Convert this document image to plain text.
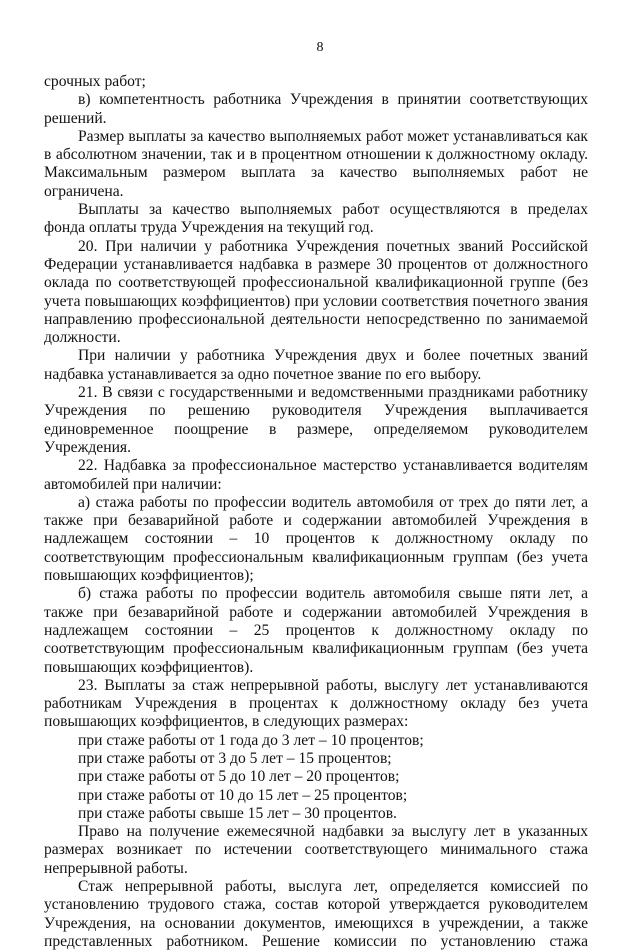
8

срочных работ;

в) компетентность работника Учреждения в принятии соответствующих решений.

Размер выплаты за качество выполняемых работ может устанавливаться как в абсолютном значении, так и в процентном отношении к должностному окладу. Максимальным размером выплата за качество выполняемых работ не ограничена.

Выплаты за качество выполняемых работ осуществляются в пределах фонда оплаты труда Учреждения на текущий год.

20. При наличии у работника Учреждения почетных званий Российской Федерации устанавливается надбавка в размере 30 процентов от должностного оклада по соответствующей профессиональной квалификационной группе (без учета повышающих коэффициентов) при условии соответствия почетного звания направлению профессиональной деятельности непосредственно по занимаемой должности.

При наличии у работника Учреждения двух и более почетных званий надбавка устанавливается за одно почетное звание по его выбору.

21. В связи с государственными и ведомственными праздниками работнику Учреждения по решению руководителя Учреждения выплачивается единовременное поощрение в размере, определяемом руководителем Учреждения.

22. Надбавка за профессиональное мастерство устанавливается водителям автомобилей при наличии:

а) стажа работы по профессии водитель автомобиля от трех до пяти лет, а также при безаварийной работе и содержании автомобилей Учреждения в надлежащем состоянии – 10 процентов к должностному окладу по соответствующим профессиональным квалификационным группам (без учета повышающих коэффициентов);

б) стажа работы по профессии водитель автомобиля свыше пяти лет, а также при безаварийной работе и содержании автомобилей Учреждения в надлежащем состоянии – 25 процентов к должностному окладу по соответствующим профессиональным квалификационным группам (без учета повышающих коэффициентов).

23. Выплаты за стаж непрерывной работы, выслугу лет устанавливаются работникам Учреждения в процентах к должностному окладу без учета повышающих коэффициентов, в следующих размерах:

при стаже работы от 1 года до 3 лет – 10 процентов;

при стаже работы от 3 до 5 лет – 15 процентов;

при стаже работы от 5 до 10 лет – 20 процентов;

при стаже работы от 10 до 15 лет – 25 процентов;

при стаже работы свыше 15 лет – 30 процентов.

Право на получение ежемесячной надбавки за выслугу лет в указанных размерах возникает по истечении соответствующего минимального стажа непрерывной работы.

Стаж непрерывной работы, выслуга лет, определяется комиссией по установлению трудового стажа, состав которой утверждается руководителем Учреждения, на основании документов, имеющихся в учреждении, а также представленных работником. Решение комиссии по установлению стажа
